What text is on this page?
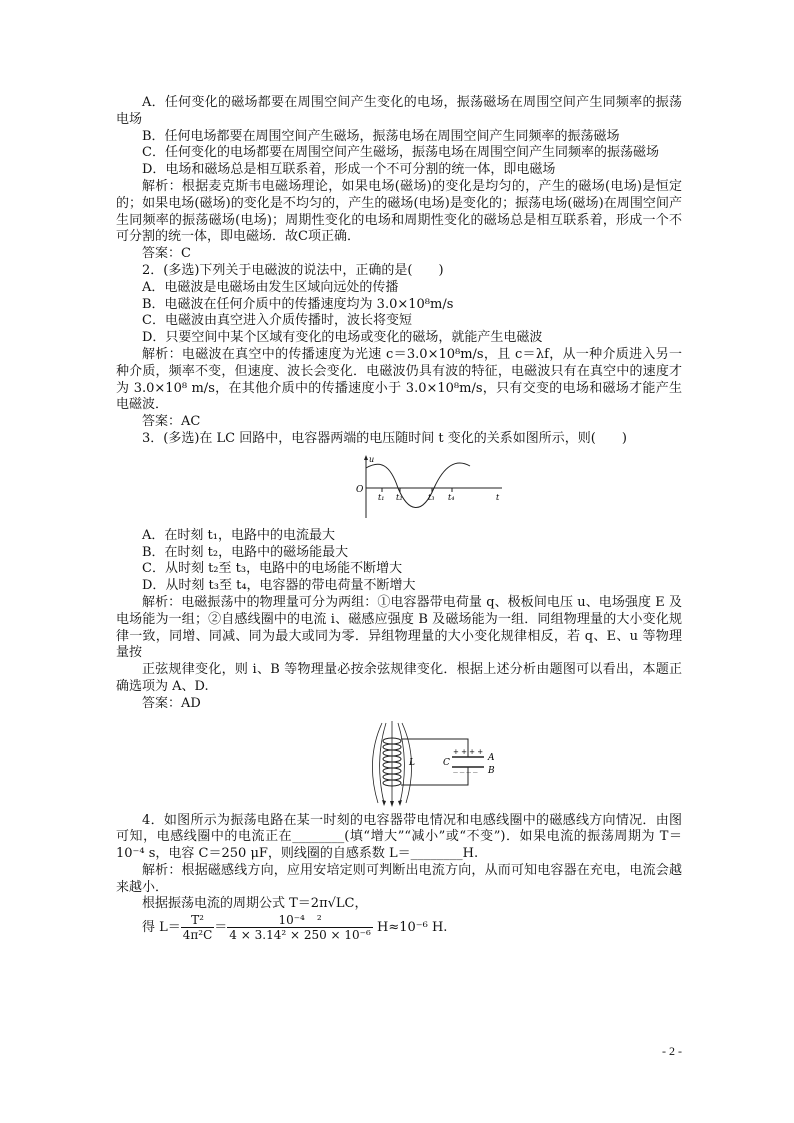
A．任何变化的磁场都要在周围空间产生变化的电场，振荡磁场在周围空间产生同频率的振荡电场

B．任何电场都要在周围空间产生磁场，振荡电场在周围空间产生同频率的振荡磁场

C．任何变化的电场都要在周围空间产生磁场，振荡电场在周围空间产生同频率的振荡磁场

D．电场和磁场总是相互联系着，形成一个不可分割的统一体，即电磁场

解析：根据麦克斯韦电磁场理论，如果电场(磁场)的变化是均匀的，产生的磁场(电场)是恒定的；如果电场(磁场)的变化是不均匀的，产生的磁场(电场)是变化的；振荡电场(磁场)在周围空间产生同频率的振荡磁场(电场)；周期性变化的电场和周期性变化的磁场总是相互联系着，形成一个不可分割的统一体，即电磁场．故C项正确．

答案：C

2．(多选)下列关于电磁波的说法中，正确的是(　　)

A．电磁波是电磁场由发生区域向远处的传播

B．电磁波在任何介质中的传播速度均为 3.0×10⁸m/s

C．电磁波由真空进入介质传播时，波长将变短

D．只要空间中某个区域有变化的电场或变化的磁场，就能产生电磁波

解析：电磁波在真空中的传播速度为光速 c＝3.0×10⁸m/s，且 c＝λf，从一种介质进入另一种介质，频率不变，但速度、波长会变化．电磁波仍具有波的特征，电磁波只有在真空中的速度才为 3.0×10⁸ m/s，在其他介质中的传播速度小于 3.0×10⁸m/s，只有交变的电场和磁场才能产生电磁波．

答案：AC

3．(多选)在 LC 回路中，电容器两端的电压随时间 t 变化的关系如图所示，则(　　)

u
t
O
t₁ t₂	t₃ t₄

A．在时刻 t₁，电路中的电流最大

B．在时刻 t₂，电路中的磁场能最大

C．从时刻 t₂至 t₃，电路中的电场能不断增大

D．从时刻 t₃至 t₄，电容器的带电荷量不断增大

解析：电磁振荡中的物理量可分为两组：①电容器带电荷量 q、极板间电压 u、电场强度 E 及电场能为一组；②自感线圈中的电流 i、磁感应强度 B 及磁场能为一组．同组物理量的大小变化规律一致，同增、同减、同为最大或同为零．异组物理量的大小变化规律相反，若 q、E、u 等物理量按

正弦规律变化，则 i、B 等物理量必按余弦规律变化．根据上述分析由题图可以看出，本题正确选项为 A、D.

答案：AD

+ + + +
— — — —
L	C	A
B

4．如图所示为振荡电路在某一时刻的电容器带电情况和电感线圈中的磁感线方向情况．由图可知，电感线圈中的电流正在________(填“增大”“减小”或“不变”)．如果电流的振荡周期为 T＝10⁻⁴ s，电容 C＝250 μF，则线圈的自感系数 L＝________H.

解析：根据磁感线方向，应用安培定则可判断出电流方向，从而可知电容器在充电，电流会越来越小．

根据振荡电流的周期公式 T＝2π√LC，

得 $L= \frac{\text{T²}}{\text{4π²C}} = \frac{\text{10⁻⁴　²}}{\text{4 × 3.14² × 250 × 10⁻⁶}} H\approx 10^{-6}$ H.
- 2 -
